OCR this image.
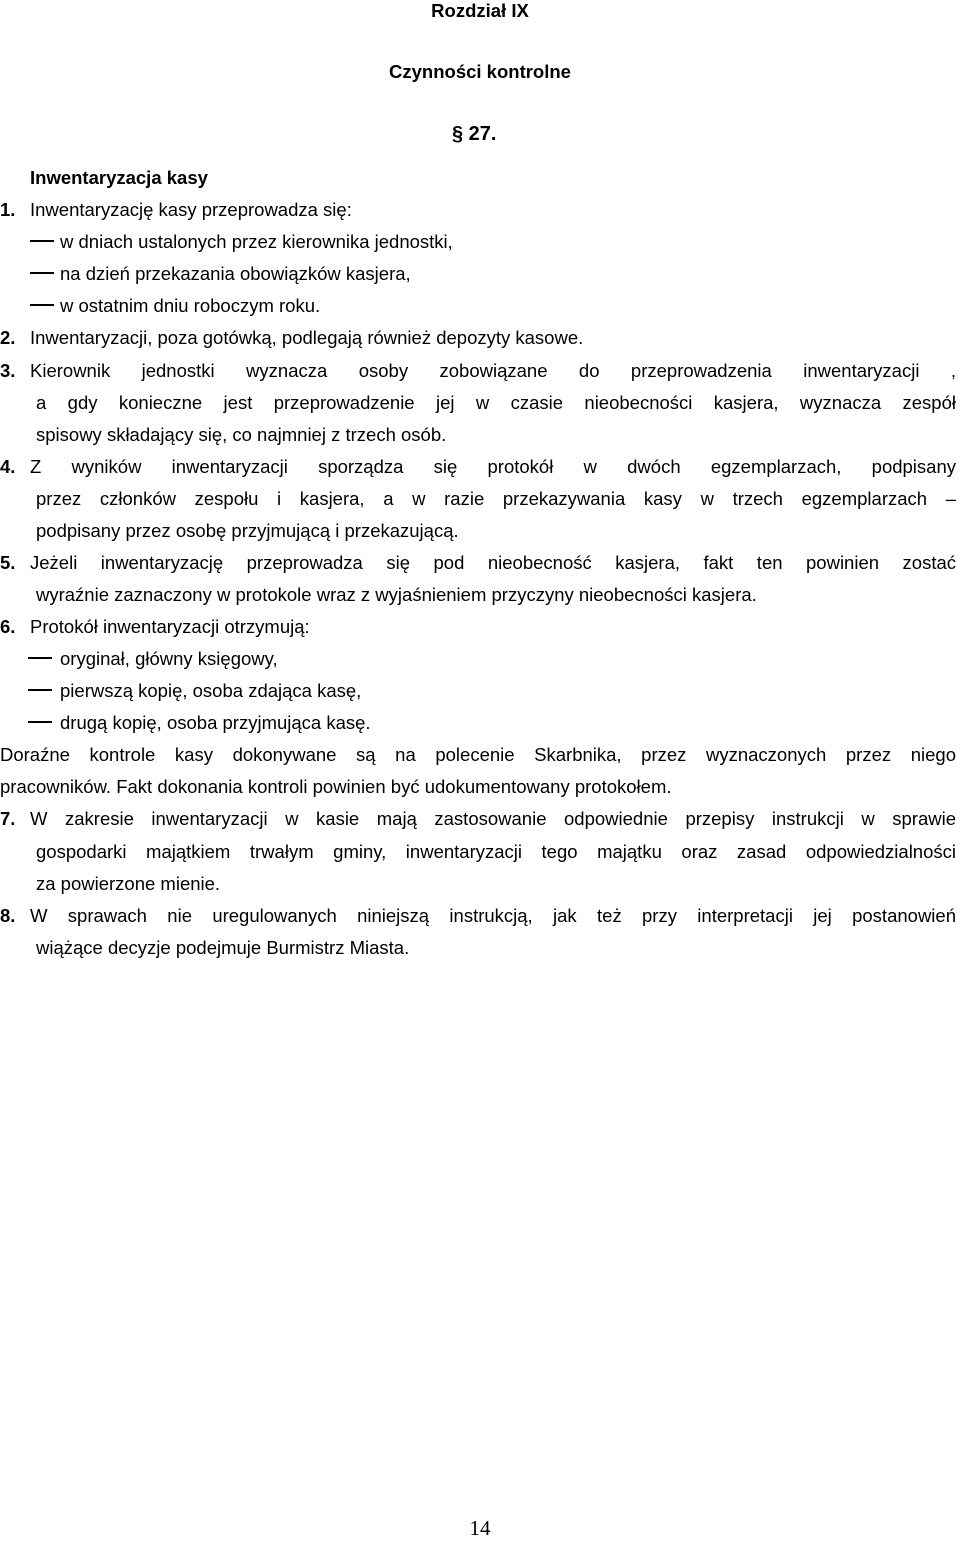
Rozdział IX
Czynności kontrolne
§ 27.
Inwentaryzacja kasy
1. Inwentaryzację kasy przeprowadza się:
w dniach ustalonych przez kierownika jednostki,
na dzień przekazania obowiązków kasjera,
w ostatnim dniu roboczym roku.
2. Inwentaryzacji, poza gotówką, podlegają również depozyty kasowe.
3. Kierownik jednostki wyznacza osoby zobowiązane do przeprowadzenia inwentaryzacji ,
a gdy konieczne jest przeprowadzenie jej w czasie nieobecności kasjera, wyznacza zespół
spisowy składający się, co najmniej z trzech osób.
4. Z wyników inwentaryzacji sporządza się protokół w dwóch egzemplarzach, podpisany
przez członków zespołu i kasjera, a w razie przekazywania kasy w trzech egzemplarzach –
podpisany przez osobę przyjmującą i przekazującą.
5. Jeżeli inwentaryzację przeprowadza się pod nieobecność kasjera, fakt ten powinien zostać
wyraźnie zaznaczony w protokole wraz z wyjaśnieniem przyczyny nieobecności kasjera.
6. Protokół inwentaryzacji otrzymują:
oryginał, główny księgowy,
pierwszą kopię, osoba zdająca kasę,
drugą kopię, osoba przyjmująca kasę.
Doraźne kontrole kasy dokonywane są na polecenie Skarbnika, przez wyznaczonych przez niego
pracowników. Fakt dokonania kontroli powinien być udokumentowany protokołem.
7. W zakresie inwentaryzacji w kasie mają zastosowanie odpowiednie przepisy instrukcji w sprawie
gospodarki majątkiem trwałym gminy, inwentaryzacji tego majątku oraz zasad odpowiedzialności
za powierzone mienie.
8. W sprawach nie uregulowanych niniejszą instrukcją, jak też przy interpretacji jej postanowień
wiążące decyzje podejmuje Burmistrz Miasta.
14
